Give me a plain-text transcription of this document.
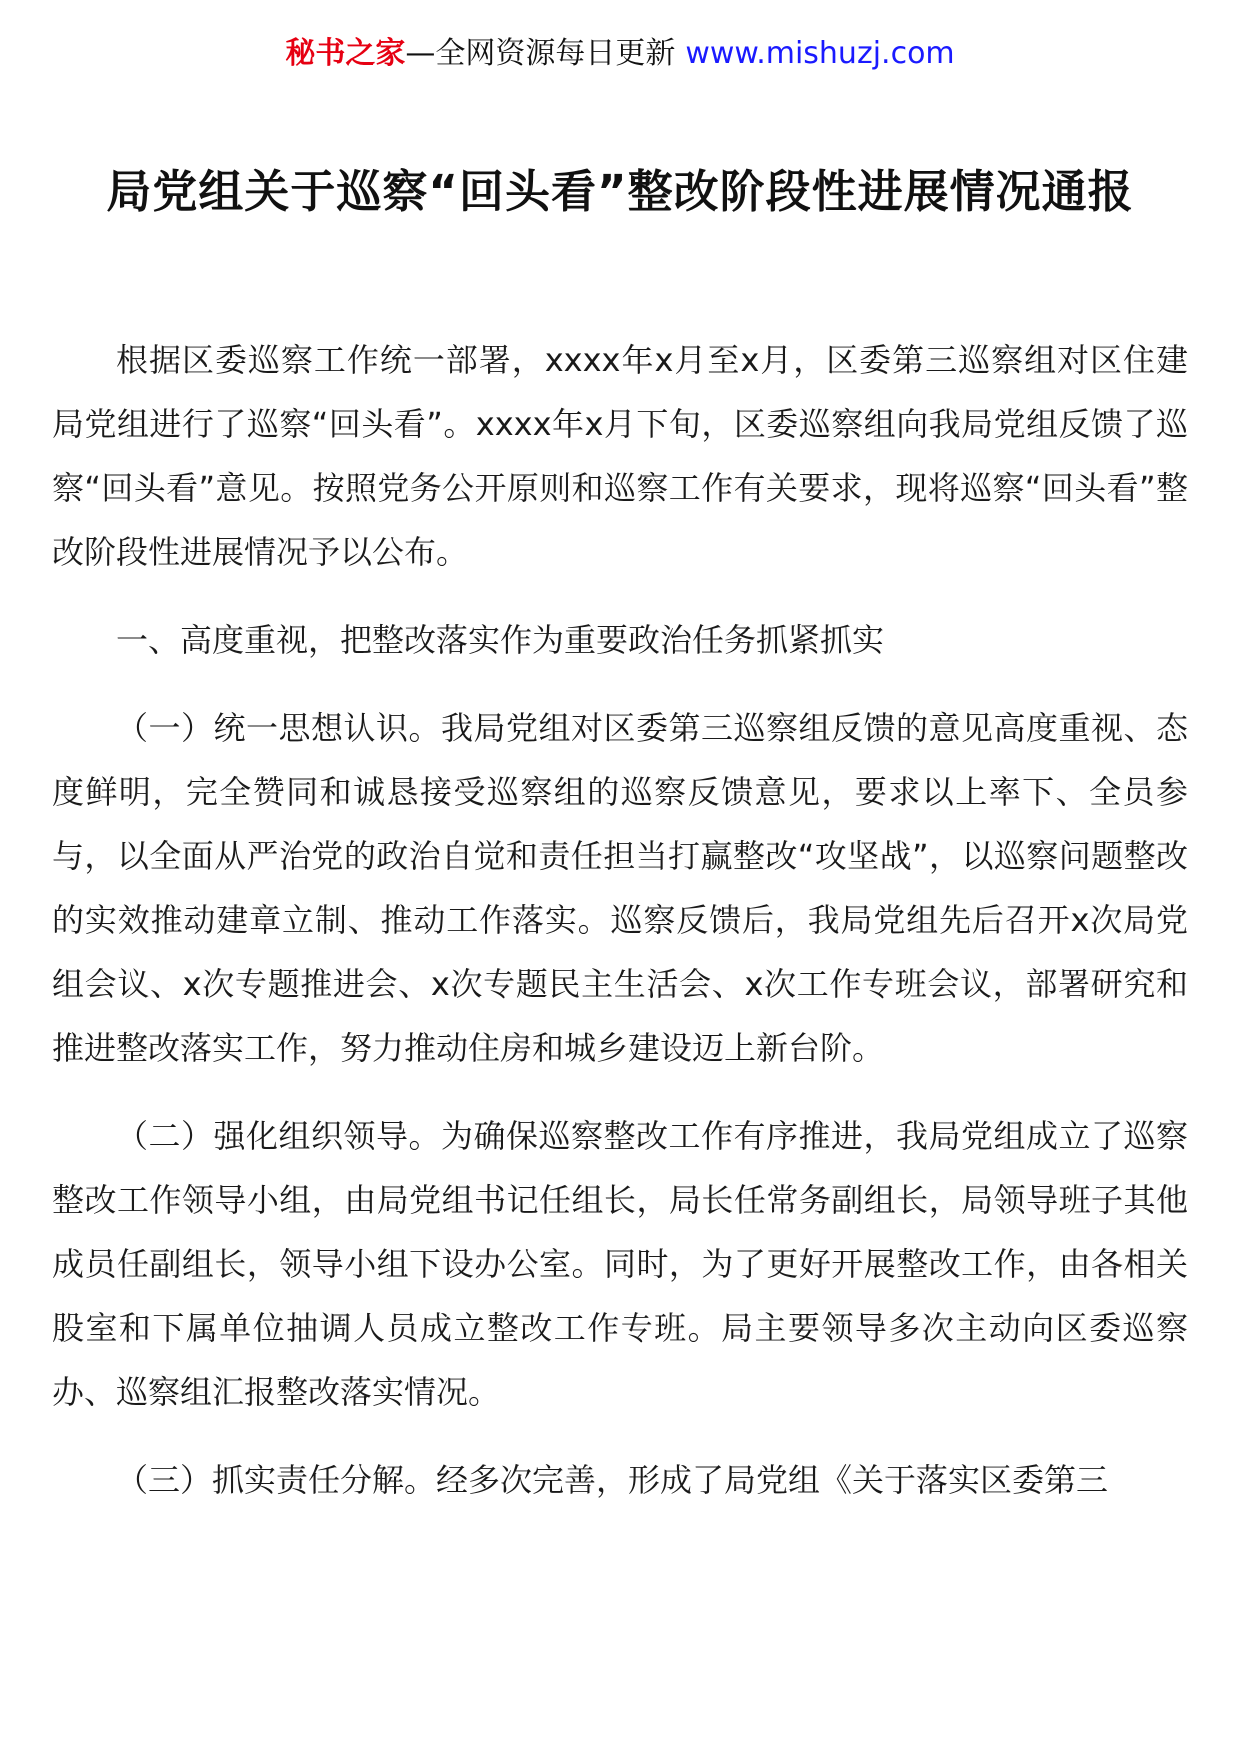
秘书之家—全网资源每日更新 www.mishuzj.com
局党组关于巡察“回头看”整改阶段性进展情况通报

根据区委巡察工作统一部署，xxxx年x月至x月，区委第三巡察组对区住建局党组进行了巡察“回头看”。xxxx年x月下旬，区委巡察组向我局党组反馈了巡察“回头看”意见。按照党务公开原则和巡察工作有关要求，现将巡察“回头看”整改阶段性进展情况予以公布。

一、高度重视，把整改落实作为重要政治任务抓紧抓实

（一）统一思想认识。我局党组对区委第三巡察组反馈的意见高度重视、态度鲜明，完全赞同和诚恳接受巡察组的巡察反馈意见，要求以上率下、全员参与，以全面从严治党的政治自觉和责任担当打赢整改“攻坚战”，以巡察问题整改的实效推动建章立制、推动工作落实。巡察反馈后，我局党组先后召开x次局党组会议、x次专题推进会、x次专题民主生活会、x次工作专班会议，部署研究和推进整改落实工作，努力推动住房和城乡建设迈上新台阶。

（二）强化组织领导。为确保巡察整改工作有序推进，我局党组成立了巡察整改工作领导小组，由局党组书记任组长，局长任常务副组长，局领导班子其他成员任副组长，领导小组下设办公室。同时，为了更好开展整改工作，由各相关股室和下属单位抽调人员成立整改工作专班。局主要领导多次主动向区委巡察办、巡察组汇报整改落实情况。

（三）抓实责任分解。经多次完善，形成了局党组《关于落实区委第三
